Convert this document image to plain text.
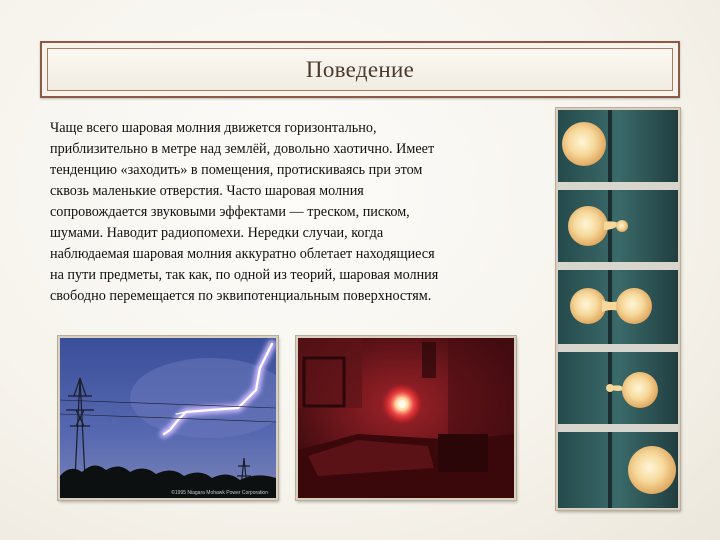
Поведение
Чаще всего шаровая молния движется горизонтально,
приблизительно в метре над землёй, довольно хаотично. Имеет
тенденцию «заходить» в помещения, протискиваясь при этом
сквозь маленькие отверстия. Часто шаровая молния
сопровождается звуковыми эффектами — треском, писком,
шумами. Наводит радиопомехи. Нередки случаи, когда
наблюдаемая шаровая молния аккуратно облетает находящиеся
на пути предметы, так как, по одной из теорий, шаровая молния
свободно перемещается по эквипотенциальным поверхностям.
©1995 Niagara Mohawk Power Corporation
